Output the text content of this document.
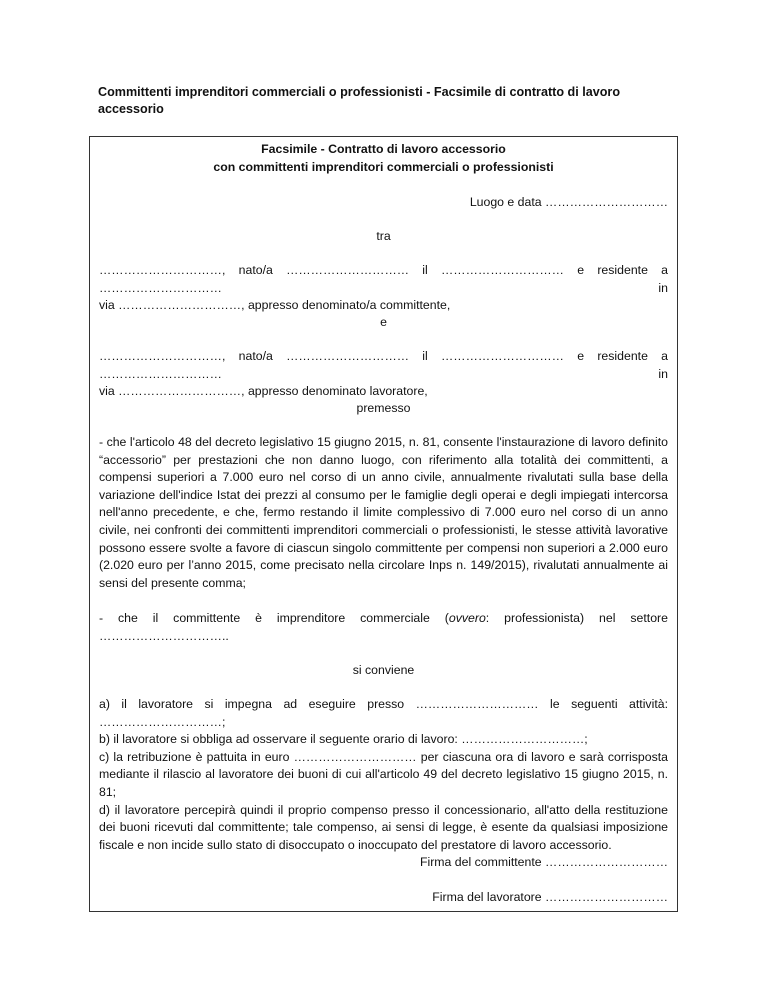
Committenti imprenditori commerciali o professionisti - Facsimile di contratto di lavoro accessorio

Facsimile - Contratto di lavoro accessorio

con committenti imprenditori commerciali o professionisti

Luogo e data …………………………

tra

…………………………, nato/a ………………………… il ………………………… e residente a ………………………… in

via …………………………, appresso denominato/a committente,

e

…………………………, nato/a ………………………… il ………………………… e residente a ………………………… in

via …………………………, appresso denominato lavoratore,

premesso

- che l'articolo 48 del decreto legislativo 15 giugno 2015, n. 81, consente l'instaurazione di lavoro definito “accessorio” per prestazioni che non danno luogo, con riferimento alla totalità dei committenti, a compensi superiori a 7.000 euro nel corso di un anno civile, annualmente rivalutati sulla base della variazione dell'indice Istat dei prezzi al consumo per le famiglie degli operai e degli impiegati intercorsa nell'anno precedente, e che, fermo restando il limite complessivo di 7.000 euro nel corso di un anno civile, nei confronti dei committenti imprenditori commerciali o professionisti, le stesse attività lavorative possono essere svolte a favore di ciascun singolo committente per compensi non superiori a 2.000 euro (2.020 euro per l’anno 2015, come precisato nella circolare Inps n. 149/2015), rivalutati annualmente ai sensi del presente comma;

- che il committente è imprenditore commerciale (ovvero: professionista) nel settore

…………………………..

si conviene

a) il lavoratore si impegna ad eseguire presso ………………………… le seguenti attività:

…………………………;

b) il lavoratore si obbliga ad osservare il seguente orario di lavoro: …………………………;

c) la retribuzione è pattuita in euro ………………………… per ciascuna ora di lavoro e sarà corrisposta mediante il rilascio al lavoratore dei buoni di cui all'articolo 49 del decreto legislativo 15 giugno 2015, n. 81;

d) il lavoratore percepirà quindi il proprio compenso presso il concessionario, all'atto della restituzione dei buoni ricevuti dal committente; tale compenso, ai sensi di legge, è esente da qualsiasi imposizione fiscale e non incide sullo stato di disoccupato o inoccupato del prestatore di lavoro accessorio.

Firma del committente …………………………

Firma del lavoratore …………………………
